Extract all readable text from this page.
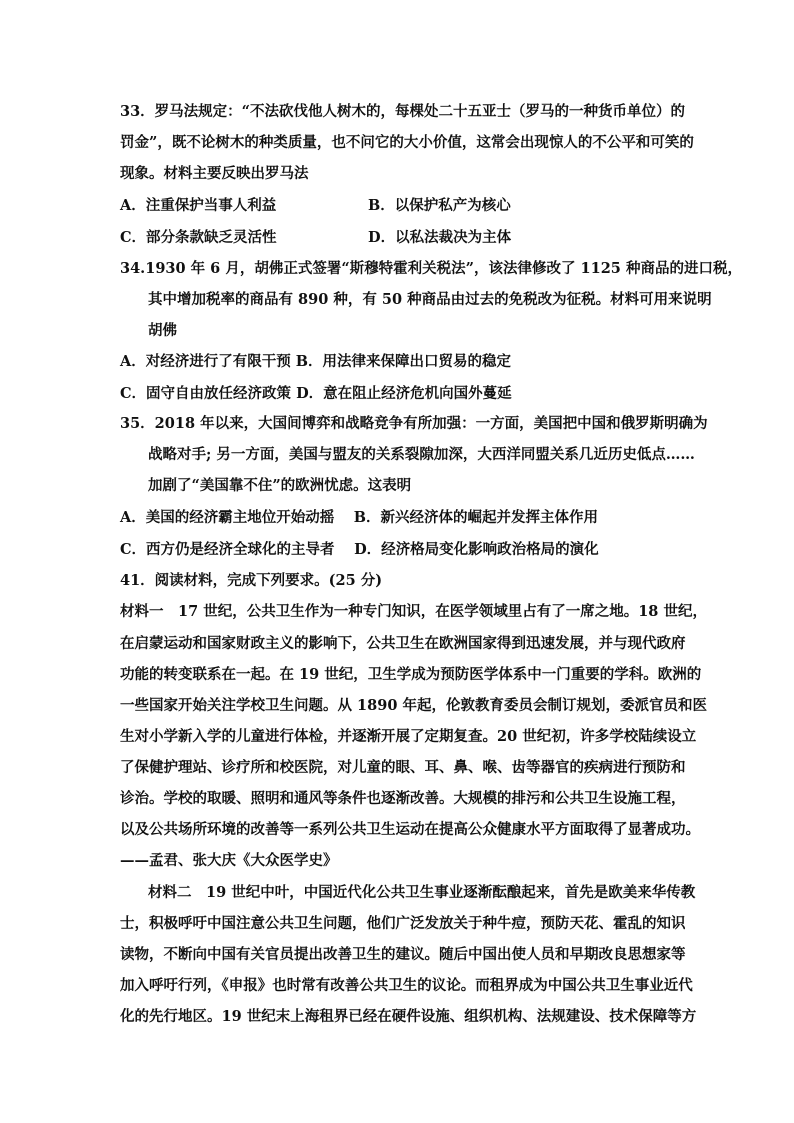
33．罗马法规定：“不法砍伐他人树木的，每棵处二十五亚士（罗马的一种货币单位）的
罚金”，既不论树木的种类质量，也不问它的大小价值，这常会出现惊人的不公平和可笑的
现象。材料主要反映出罗马法
A．注重保护当事人利益	B．以保护私产为核心
C．部分条款缺乏灵活性	D．以私法裁决为主体
34.1930 年 6 月，胡佛正式签署“斯穆特霍利关税法”，该法律修改了 1125 种商品的进口税，
其中增加税率的商品有 890 种，有 50 种商品由过去的免税改为征税。材料可用来说明
胡佛
A．对经济进行了有限干预 B．用法律来保障出口贸易的稳定
C．固守自由放任经济政策 D．意在阻止经济危机向国外蔓延
35．2018 年以来，大国间博弈和战略竞争有所加强：一方面，美国把中国和俄罗斯明确为
战略对手; 另一方面，美国与盟友的关系裂隙加深，大西洋同盟关系几近历史低点……
加剧了“美国靠不住”的欧洲忧虑。这表明
A．美国的经济霸主地位开始动摇　 B．新兴经济体的崛起并发挥主体作用
C．西方仍是经济全球化的主导者　 D．经济格局变化影响政治格局的演化
41．阅读材料，完成下列要求。(25 分)
材料一　17 世纪，公共卫生作为一种专门知识，在医学领域里占有了一席之地。18 世纪，
在启蒙运动和国家财政主义的影响下，公共卫生在欧洲国家得到迅速发展，并与现代政府
功能的转变联系在一起。在 19 世纪，卫生学成为预防医学体系中一门重要的学科。欧洲的
一些国家开始关注学校卫生问题。从 1890 年起，伦敦教育委员会制订规划，委派官员和医
生对小学新入学的儿童进行体检，并逐渐开展了定期复查。20 世纪初，许多学校陆续设立
了保健护理站、诊疗所和校医院，对儿童的眼、耳、鼻、喉、齿等器官的疾病进行预防和
诊治。学校的取暖、照明和通风等条件也逐渐改善。大规模的排污和公共卫生设施工程，
以及公共场所环境的改善等一系列公共卫生运动在提高公众健康水平方面取得了显著成功。
——孟君、张大庆《大众医学史》
材料二　19 世纪中叶，中国近代化公共卫生事业逐渐酝酿起来，首先是欧美来华传教
士，积极呼吁中国注意公共卫生问题，他们广泛发放关于种牛痘，预防天花、霍乱的知识
读物，不断向中国有关官员提出改善卫生的建议。随后中国出使人员和早期改良思想家等
加入呼吁行列，《申报》也时常有改善公共卫生的议论。而租界成为中国公共卫生事业近代
化的先行地区。19 世纪末上海租界已经在硬件设施、组织机构、法规建设、技术保障等方
